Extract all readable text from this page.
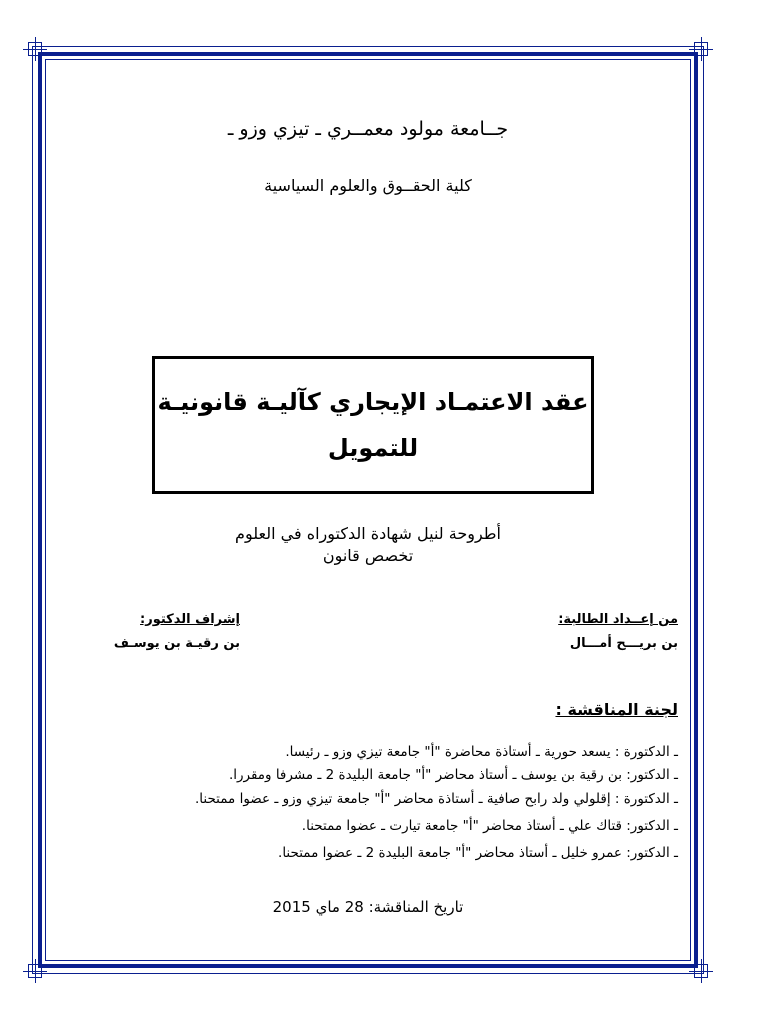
جــامعة مولود معمــري ـ تيزي وزو ـ
كلية الحقــوق والعلوم السياسية
عقد الاعتمـاد الإيجاري كآليـة قانونيـة
للتمويل
أطروحة لنيل شهادة الدكتوراه في العلوم
تخصص قانون
من إعــداد الطالبة:
بن بريـــح أمـــال
إشراف الدكتور:
بن رقيـة بن يوسـف
لجنة المناقشة :
ـ الدكتورة : يسعد حورية ـ أستاذة محاضرة "أ" جامعة تيزي وزو ـ رئيسا.
ـ الدكتور: بن رقية بن يوسف ـ أستاذ محاضر "أ" جامعة البليدة 2 ـ مشرفا ومقررا.
ـ الدكتورة : إقلولي ولد رابح صافية ـ أستاذة محاضر "أ" جامعة تيزي وزو ـ عضوا ممتحنا.
ـ الدكتور: قتاك علي ـ أستاذ محاضر "أ" جامعة تيارت ـ عضوا ممتحنا.
ـ الدكتور: عمرو خليل ـ أستاذ محاضر "أ" جامعة البليدة 2 ـ عضوا ممتحنا.
تاريخ المناقشة: 28 ماي 2015
